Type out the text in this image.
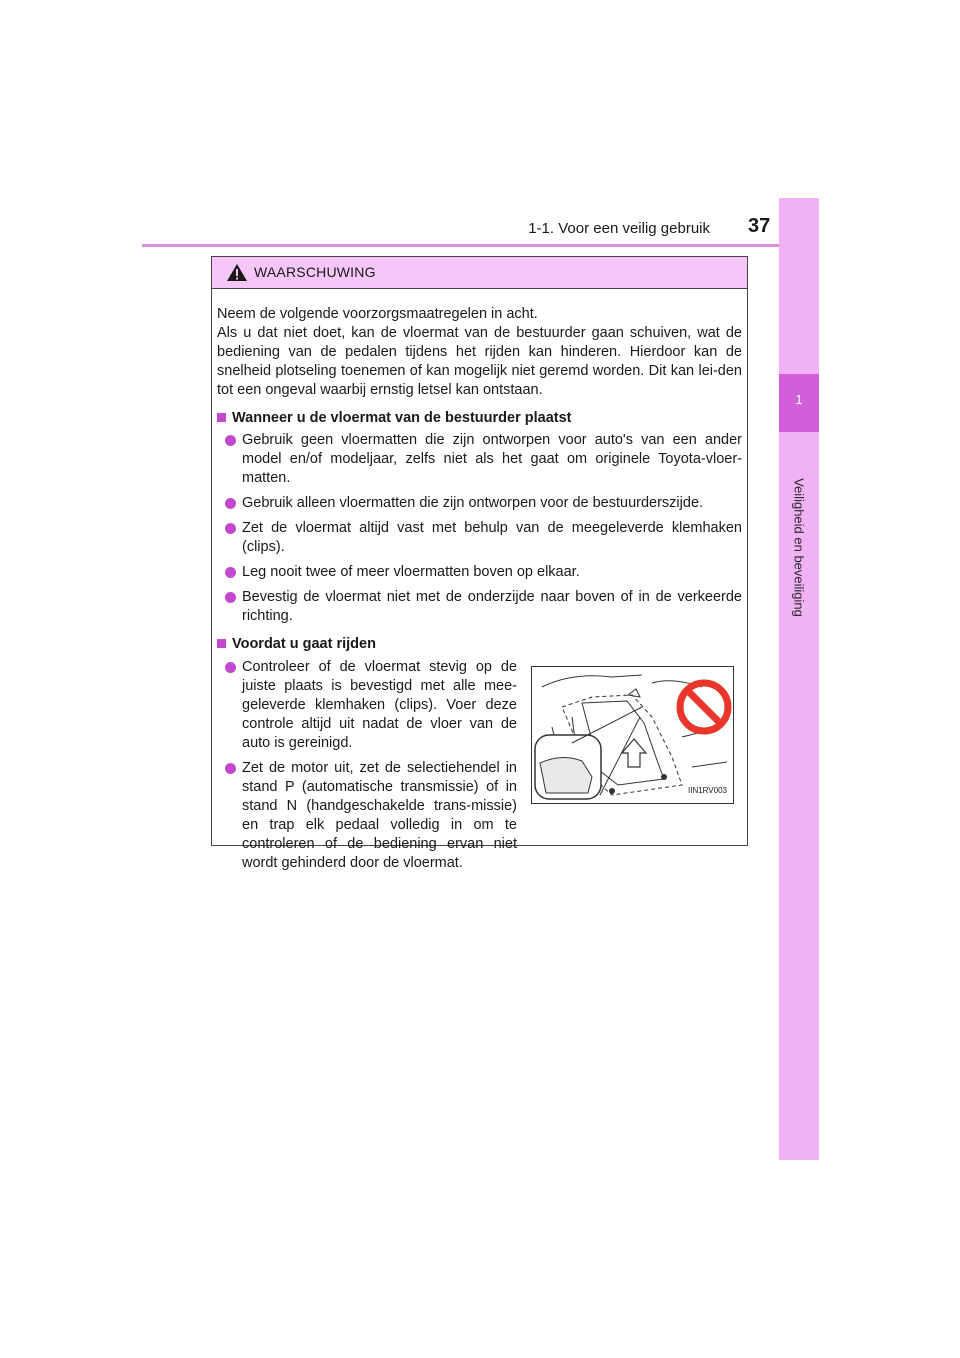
1-1. Voor een veilig gebruik 37
1
Veiligheid en beveiliging
WAARSCHUWING

Neem de volgende voorzorgsmaatregelen in acht.

Als u dat niet doet, kan de vloermat van de bestuurder gaan schuiven, wat de bediening van de pedalen tijdens het rijden kan hinderen. Hierdoor kan de snelheid plotseling toenemen of kan mogelijk niet geremd worden. Dit kan lei-den tot een ongeval waarbij ernstig letsel kan ontstaan.

Wanneer u de vloermat van de bestuurder plaatst
Gebruik geen vloermatten die zijn ontworpen voor auto's van een ander model en/of modeljaar, zelfs niet als het gaat om originele Toyota-vloer-matten.
Gebruik alleen vloermatten die zijn ontworpen voor de bestuurderszijde.
Zet de vloermat altijd vast met behulp van de meegeleverde klemhaken (clips).
Leg nooit twee of meer vloermatten boven op elkaar.
Bevestig de vloermat niet met de onderzijde naar boven of in de verkeerde richting.
Voordat u gaat rijden
Controleer of de vloermat stevig op de juiste plaats is bevestigd met alle mee-geleverde klemhaken (clips). Voer deze controle altijd uit nadat de vloer van de auto is gereinigd.
Zet de motor uit, zet de selectiehendel in stand P (automatische transmissie) of in stand N (handgeschakelde trans-missie) en trap elk pedaal volledig in om te controleren of de bediening ervan niet wordt gehinderd door de vloermat.
IIN1RV003
